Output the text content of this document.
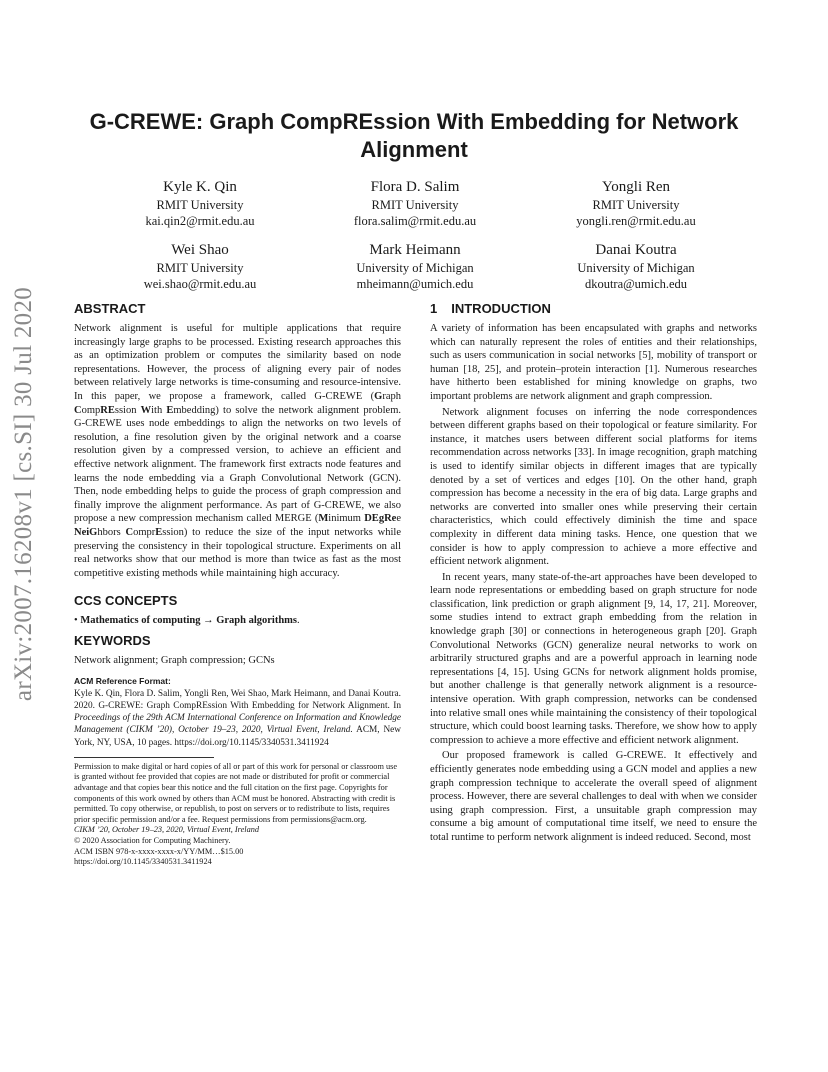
G-CREWE: Graph CompREssion With Embedding for Network Alignment
Kyle K. Qin
RMIT University
kai.qin2@rmit.edu.au
Flora D. Salim
RMIT University
flora.salim@rmit.edu.au
Yongli Ren
RMIT University
yongli.ren@rmit.edu.au
Wei Shao
RMIT University
wei.shao@rmit.edu.au
Mark Heimann
University of Michigan
mheimann@umich.edu
Danai Koutra
University of Michigan
dkoutra@umich.edu
arXiv:2007.16208v1 [cs.SI] 30 Jul 2020	ABSTRACT

Network alignment is useful for multiple applications that require increasingly large graphs to be processed. Existing research approaches this as an optimization problem or computes the similarity based on node representations. However, the process of aligning every pair of nodes between relatively large networks is time-consuming and resource-intensive. In this paper, we propose a framework, called G-CREWE (Graph CompREssion With Embedding) to solve the network alignment problem. G-CREWE uses node embeddings to align the networks on two levels of resolution, a fine resolution given by the original network and a coarse resolution given by a compressed version, to achieve an efficient and effective network alignment. The framework first extracts node features and learns the node embedding via a Graph Convolutional Network (GCN). Then, node embedding helps to guide the process of graph compression and finally improve the alignment performance. As part of G-CREWE, we also propose a new compression mechanism called MERGE (Minimum DEgRee NeiGhbors ComprEssion) to reduce the size of the input networks while preserving the consistency in their topological structure. Experiments on all real networks show that our method is more than twice as fast as the most competitive existing methods while maintaining high accuracy.

CCS CONCEPTS
• Mathematics of computing → Graph algorithms.
KEYWORDS

Network alignment; Graph compression; GCNs

ACM Reference Format:

Kyle K. Qin, Flora D. Salim, Yongli Ren, Wei Shao, Mark Heimann, and Danai Koutra. 2020. G-CREWE: Graph CompREssion With Embedding for Network Alignment. In Proceedings of the 29th ACM International Conference on Information and Knowledge Management (CIKM ’20), October 19–23, 2020, Virtual Event, Ireland. ACM, New York, NY, USA, 10 pages. https://doi.org/10.1145/3340531.3411924

Permission to make digital or hard copies of all or part of this work for personal or classroom use is granted without fee provided that copies are not made or distributed for profit or commercial advantage and that copies bear this notice and the full citation on the first page. Copyrights for components of this work owned by others than ACM must be honored. Abstracting with credit is permitted. To copy otherwise, or republish, to post on servers or to redistribute to lists, requires prior specific permission and/or a fee. Request permissions from permissions@acm.org.

CIKM ’20, October 19–23, 2020, Virtual Event, Ireland

© 2020 Association for Computing Machinery.

ACM ISBN 978-x-xxxx-xxxx-x/YY/MM…$15.00

https://doi.org/10.1145/3340531.3411924

1 INTRODUCTION

A variety of information has been encapsulated with graphs and networks which can naturally represent the roles of entities and their relationships, such as users communication in social networks [5], mobility of transport or human [18, 25], and protein–protein interaction [1]. Numerous researches have hitherto been established for mining knowledge on graphs, two important problems are network alignment and graph compression.

Network alignment focuses on inferring the node correspondences between different graphs based on their topological or feature similarity. For instance, it matches users between different social platforms for items recommendation across networks [33]. In image recognition, graph matching is used to identify similar objects in different images that are typically denoted by a set of vertices and edges [10]. On the other hand, graph compression has become a necessity in the era of big data. Large graphs and networks are converted into smaller ones while preserving their certain characteristics, which could effectively diminish the time and space complexity in different data mining tasks. Hence, one question that we consider is how to apply compression to achieve a more effective and efficient network alignment.

In recent years, many state-of-the-art approaches have been developed to learn node representations or embedding based on graph structure for node classification, link prediction or graph alignment [9, 14, 17, 21]. Moreover, some studies intend to extract graph embedding from the relation in knowledge graph [30] or connections in heterogeneous graph [20]. Graph Convolutional Networks (GCN) generalize neural networks to work on arbitrarily structured graphs and are a powerful approach in learning node representations [4, 15]. Using GCNs for network alignment holds promise, but another challenge is that generally network alignment is a resource-intensive operation. With graph compression, networks can be condensed into relative small ones while maintaining the consistency of their topological structure, which could boost learning tasks. Therefore, we show how to apply compression to achieve a more effective and efficient network alignment.

Our proposed framework is called G-CREWE. It effectively and efficiently generates node embedding using a GCN model and applies a new graph compression technique to accelerate the overall speed of alignment process. However, there are several challenges to deal with when we consider using graph compression. First, a unsuitable graph compression may consume a big amount of computational time itself, we need to ensure the total runtime to perform network alignment is indeed reduced. Second, most
